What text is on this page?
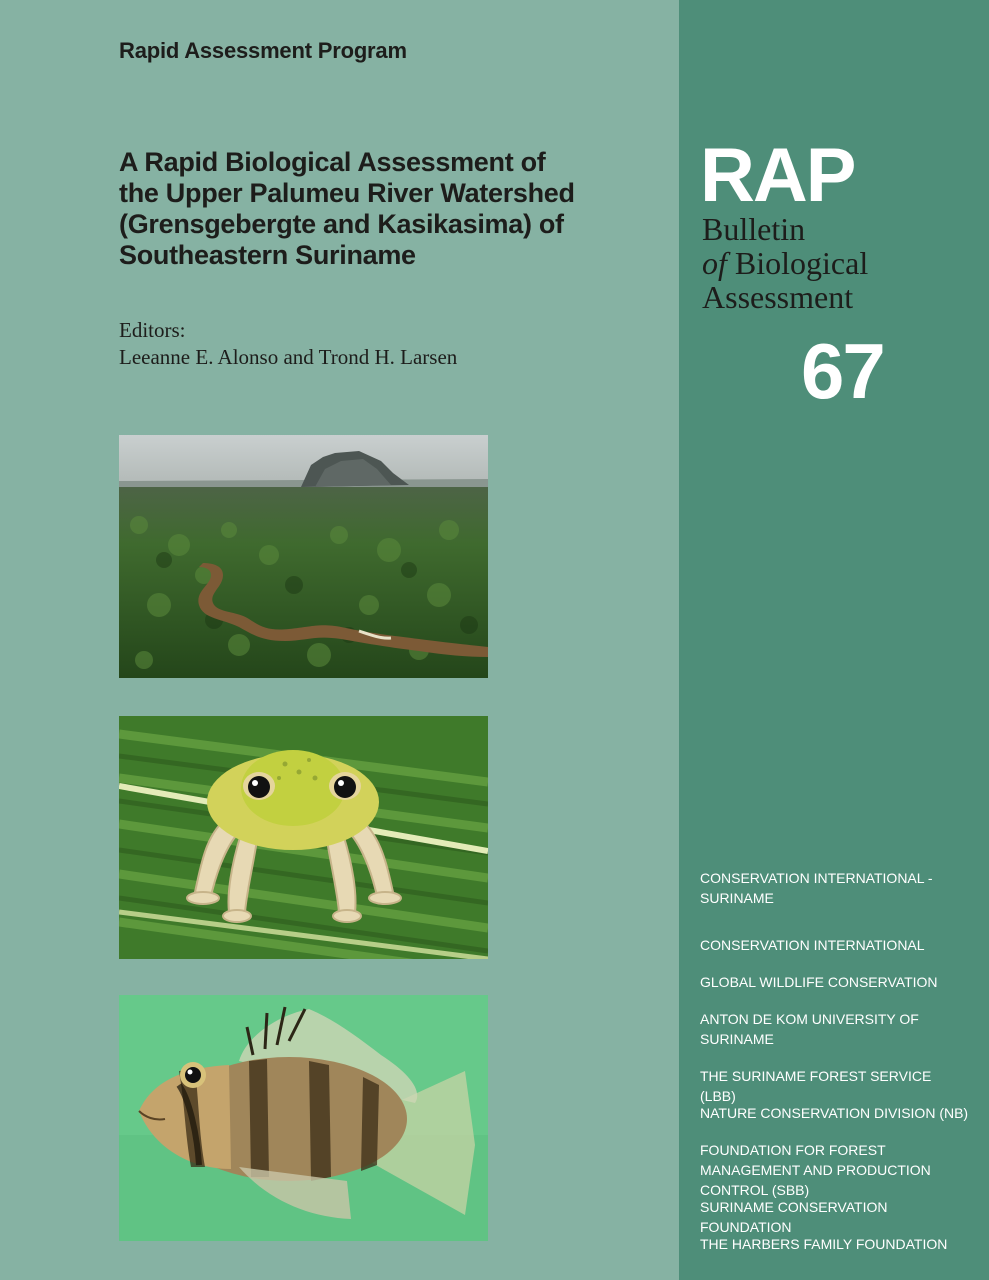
Rapid Assessment Program
A Rapid Biological Assessment of
the Upper Palumeu River Watershed
(Grensgebergte and Kasikasima) of
Southeastern Suriname
Editors:
Leeanne E. Alonso and Trond H. Larsen
RAP
Bulletin
of Biological
Assessment
67
CONSERVATION INTERNATIONAL - SURINAME
CONSERVATION INTERNATIONAL
GLOBAL WILDLIFE CONSERVATION
ANTON DE KOM UNIVERSITY OF SURINAME
THE SURINAME FOREST SERVICE (LBB)
NATURE CONSERVATION DIVISION (NB)
FOUNDATION FOR FOREST MANAGEMENT AND PRODUCTION CONTROL (SBB)
SURINAME CONSERVATION FOUNDATION
THE HARBERS FAMILY FOUNDATION
